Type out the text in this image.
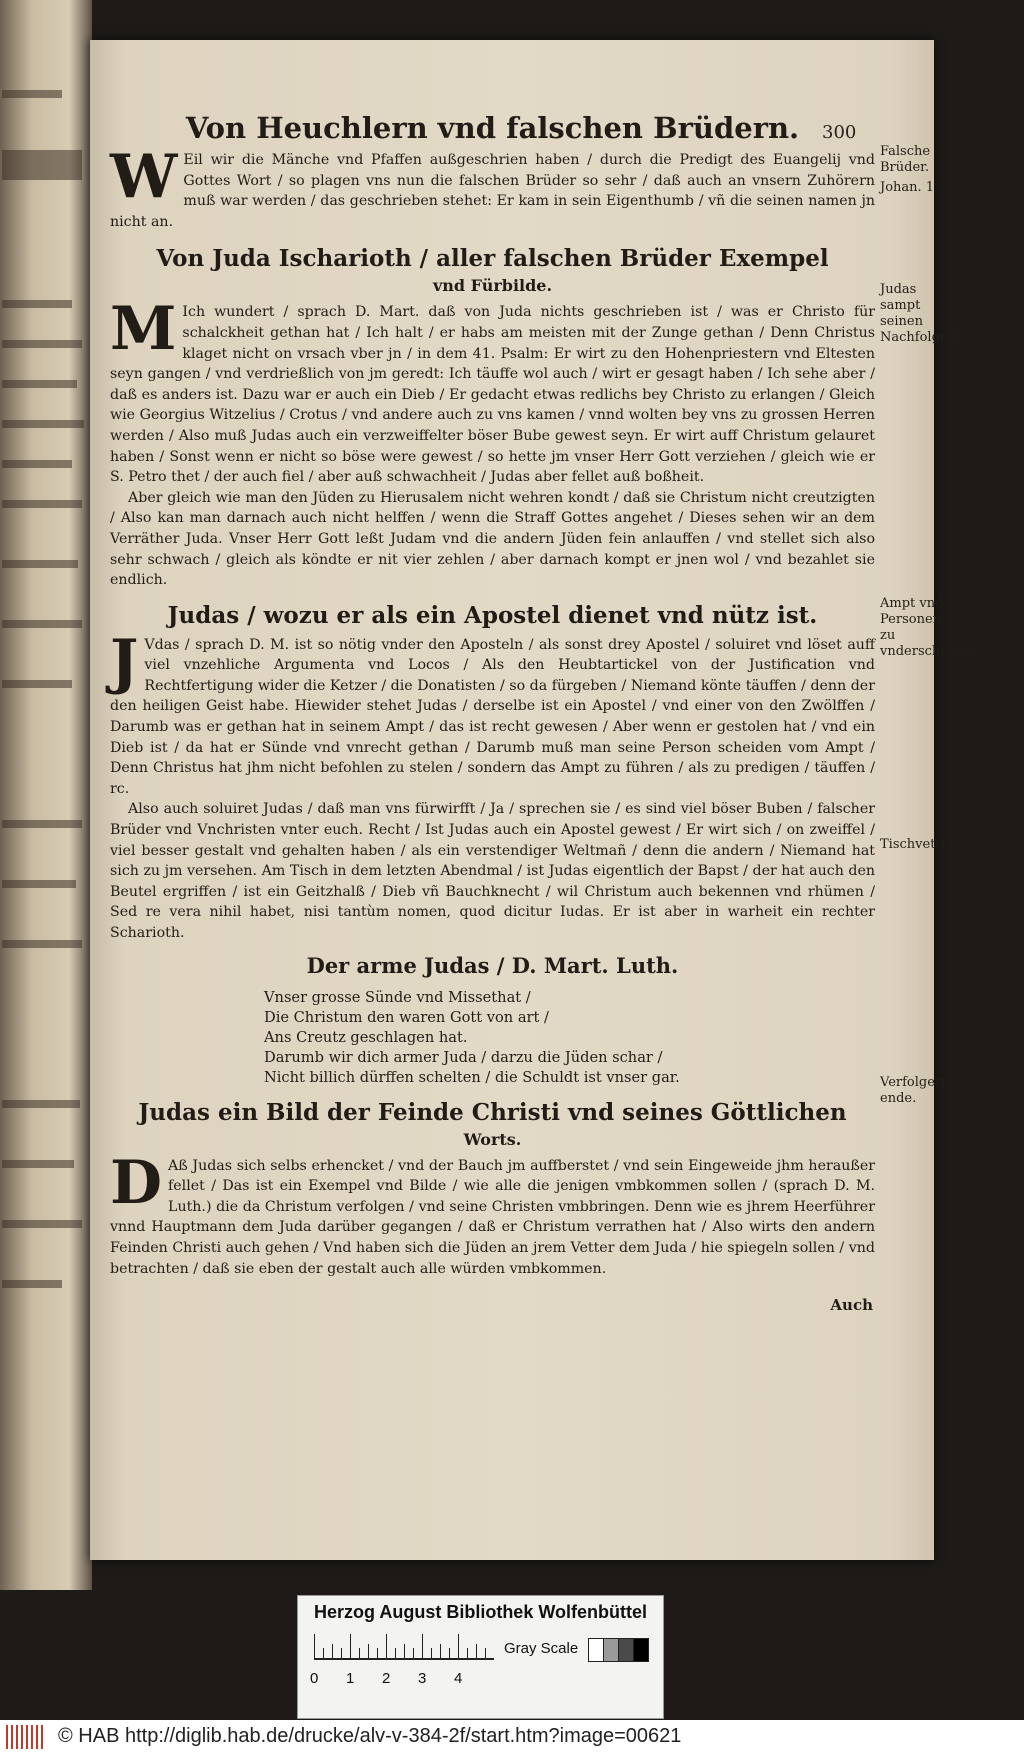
300
Von Heuchlern vnd falschen Brüdern.

WEil wir die Mänche vnd Pfaffen außgeschrien haben / durch die Predigt des Euangelij vnd Gottes Wort / so plagen vns nun die falschen Brüder so sehr / daß auch an vnsern Zuhörern muß war werden / das geschrieben stehet: Er kam in sein Eigenthumb / vñ die seinen namen jn nicht an.

Von Juda Ischarioth / aller falschen Brüder Exempel
vnd Fürbilde.

MIch wundert / sprach D. Mart. daß von Juda nichts geschrieben ist / was er Christo für schalckheit gethan hat / Ich halt / er habs am meisten mit der Zunge gethan / Denn Christus klaget nicht on vrsach vber jn / in dem 41. Psalm: Er wirt zu den Hohenpriestern vnd Eltesten seyn gangen / vnd verdrießlich von jm geredt: Ich täuffe wol auch / wirt er gesagt haben / Ich sehe aber / daß es anders ist. Dazu war er auch ein Dieb / Er gedacht etwas redlichs bey Christo zu erlangen / Gleich wie Georgius Witzelius / Crotus / vnd andere auch zu vns kamen / vnnd wolten bey vns zu grossen Herren werden / Also muß Judas auch ein verzweiffelter böser Bube gewest seyn. Er wirt auff Christum gelauret haben / Sonst wenn er nicht so böse were gewest / so hette jm vnser Herr Gott verziehen / gleich wie er S. Petro thet / der auch fiel / aber auß schwachheit / Judas aber fellet auß boßheit.

Aber gleich wie man den Jüden zu Hierusalem nicht wehren kondt / daß sie Christum nicht creutzigten / Also kan man darnach auch nicht helffen / wenn die Straff Gottes angehet / Dieses sehen wir an dem Verräther Juda. Vnser Herr Gott leßt Judam vnd die andern Jüden fein anlauffen / vnd stellet sich also sehr schwach / gleich als köndte er nit vier zehlen / aber darnach kompt er jnen wol / vnd bezahlet sie endlich.

Judas / wozu er als ein Apostel dienet vnd nütz ist.

JVdas / sprach D. M. ist so nötig vnder den Aposteln / als sonst drey Apostel / soluiret vnd löset auff viel vnzehliche Argumenta vnd Locos / Als den Heubtartickel von der Justification vnd Rechtfertigung wider die Ketzer / die Donatisten / so da fürgeben / Niemand könte täuffen / denn der den heiligen Geist habe. Hiewider stehet Judas / derselbe ist ein Apostel / vnd einer von den Zwölffen / Darumb was er gethan hat in seinem Ampt / das ist recht gewesen / Aber wenn er gestolen hat / vnd ein Dieb ist / da hat er Sünde vnd vnrecht gethan / Darumb muß man seine Person scheiden vom Ampt / Denn Christus hat jhm nicht befohlen zu stelen / sondern das Ampt zu führen / als zu predigen / täuffen / rc.

Also auch soluiret Judas / daß man vns fürwirfft / Ja / sprechen sie / es sind viel böser Buben / falscher Brüder vnd Vnchristen vnter euch. Recht / Ist Judas auch ein Apostel gewest / Er wirt sich / on zweiffel / viel besser gestalt vnd gehalten haben / als ein verstendiger Weltmañ / denn die andern / Niemand hat sich zu jm versehen. Am Tisch in dem letzten Abendmal / ist Judas eigentlich der Bapst / der hat auch den Beutel ergriffen / ist ein Geitzhalß / Dieb vñ Bauchknecht / wil Christum auch bekennen vnd rhümen / Sed re vera nihil habet, nisi tantùm nomen, quod dicitur Iudas. Er ist aber in warheit ein rechter Scharioth.

Der arme Judas / D. Mart. Luth.
Vnser grosse Sünde vnd Missethat /
Die Christum den waren Gott von art /
Ans Creutz geschlagen hat.
Darumb wir dich armer Juda / darzu die Jüden schar /
Nicht billich dürffen schelten / die Schuldt ist vnser gar.
Judas ein Bild der Feinde Christi vnd seines Göttlichen
Worts.

DAß Judas sich selbs erhencket / vnd der Bauch jm auffberstet / vnd sein Eingeweide jhm heraußer fellet / Das ist ein Exempel vnd Bilde / wie alle die jenigen vmbkommen sollen / (sprach D. M. Luth.) die da Christum verfolgen / vnd seine Christen vmbbringen. Denn wie es jhrem Heerführer vnnd Hauptmann dem Juda darüber gegangen / daß er Christum verrathen hat / Also wirts den andern Feinden Christi auch gehen / Vnd haben sich die Jüden an jrem Vetter dem Juda / hie spiegeln sollen / vnd betrachten / daß sie eben der gestalt auch alle würden vmbkommen.

Auch
Falsche Brüder.
Johan. 1.
Judas sampt seinen Nachfolgern.
Ampt vnd Personen zu vnderscheiden.
Tischvetter.
Verfolger ende.
Herzog August Bibliothek Wolfenbüttel
0 1 2 3 4
Gray Scale
© HAB http://diglib.hab.de/drucke/alv-v-384-2f/start.htm?image=00621
